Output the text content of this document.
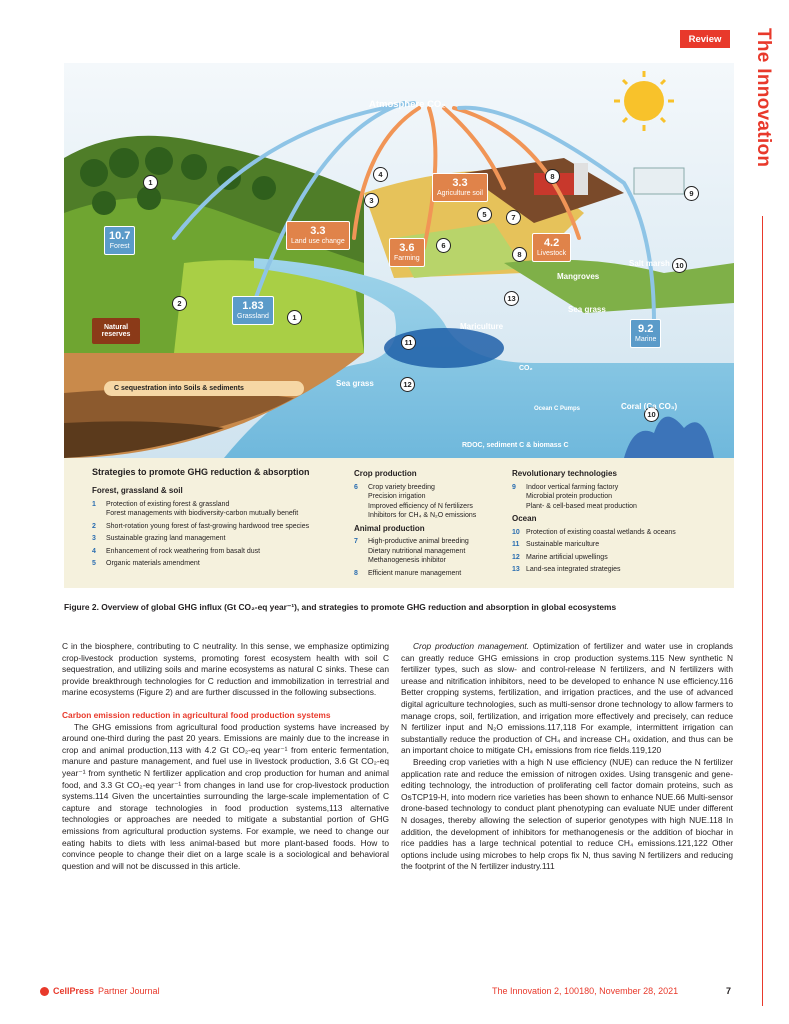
Review	The Innovation
Atmosphere CO₂
10.7
Forest
3.3
Land use change
3.6
Farming
3.3
Agriculture soil
4.2
Livestock
1.83
Grassland
9.2
Marine
1
1
2
3
4
5
6
7
8
8
9
10
10
11
12
13
Natural reserves
C sequestration into Soils & sediments
Mangroves
Salt marsh
Sea grass
Sea grass
Mariculture
Coral (Ca CO₃)
Ocean C Pumps
CO₂
RDOC, sediment C & biomass C
Strategies to promote GHG reduction & absorption
Forest, grassland & soil
1	Protection of existing forest & grassland
Forest managements with biodiversity-carbon mutually benefit
2	Short-rotation young forest of fast-growing hardwood tree species
3	Sustainable grazing land management
4	Enhancement of rock weathering from basalt dust
5	Organic materials amendment
Crop production
6	Crop variety breeding
Precision irrigation
Improved efficiency of N fertilizers
Inhibitors for CH₄ & N₂O emissions
Animal production
7	High-productive animal breeding
Dietary nutritional management
Methanogenesis inhibitor
8	Efficient manure management
Revolutionary technologies
9	Indoor vertical farming factory
Microbial protein production
Plant- & cell-based meat production
Ocean
10 Protection of existing coastal wetlands & oceans
11 Sustainable mariculture
12 Marine artificial upwellings
13 Land-sea integrated strategies
Figure 2. Overview of global GHG influx (Gt CO₂-eq year⁻¹), and strategies to promote GHG reduction and absorption in global ecosystems

C in the biosphere, contributing to C neutrality. In this sense, we emphasize optimizing crop-livestock production systems, promoting forest ecosystem health with soil C sequestration, and utilizing soils and marine ecosystems as natural C sinks. These can provide breakthrough technologies for C reduction and immobilization in terrestrial and marine ecosystems (Figure 2) and are further discussed in the following subsections.

Carbon emission reduction in agricultural food production systems

The GHG emissions from agricultural food production systems have increased by around one-third during the past 20 years. Emissions are mainly due to the increase in crop and animal production,113 with 4.2 Gt CO₂-eq year⁻¹ from enteric fermentation, manure and pasture management, and fuel use in livestock production, 3.6 Gt CO₂-eq year⁻¹ from synthetic N fertilizer application and crop production for human and animal food, and 3.3 Gt CO₂-eq year⁻¹ from changes in land use for crop-livestock production systems.114 Given the uncertainties surrounding the large-scale implementation of C capture and storage technologies in food production systems,113 alternative technologies or approaches are needed to mitigate a substantial portion of GHG emissions from agricultural production systems. For example, we need to change our eating habits to diets with less animal-based but more plant-based foods. How to convince people to change their diet on a large scale is a sociological and behavioral question and will not be discussed in this article.

Crop production management. Optimization of fertilizer and water use in croplands can greatly reduce GHG emissions in crop production systems.115 New synthetic N fertilizer types, such as slow- and control-release N fertilizers, and N fertilizers with urease and nitrification inhibitors, need to be developed to enhance N use efficiency.116 Better cropping systems, fertilization, and irrigation practices, and the use of advanced digital agriculture technologies, such as multi-sensor drone technology to allow farmers to manage crops, soil, fertilization, and irrigation more effectively and precisely, can reduce N fertilizer input and N₂O emissions.117,118 For example, intermittent irrigation can substantially reduce the production of CH₄ and increase CH₄ oxidation, and thus can be an important choice to mitigate CH₄ emissions from rice fields.119,120

Breeding crop varieties with a high N use efficiency (NUE) can reduce the N fertilizer application rate and reduce the emission of nitrogen oxides. Using transgenic and gene-editing technology, the introduction of proliferating cell factor domain proteins, such as OsTCP19-H, into modern rice varieties has been shown to enhance NUE.66 Multi-sensor drone-based technology to conduct plant phenotyping can evaluate NUE under different N dosages, thereby allowing the selection of superior genotypes with high NUE.118 In addition, the development of inhibitors for methanogenesis or the addition of biochar in rice paddies has a large technical potential to reduce CH₄ emissions.121,122 Other options include using microbes to help crops fix N, thus saving N fertilizers and reducing the footprint of the N fertilizer industry.111

CellPress Partner Journal	The Innovation 2, 100180, November 28, 2021	7
